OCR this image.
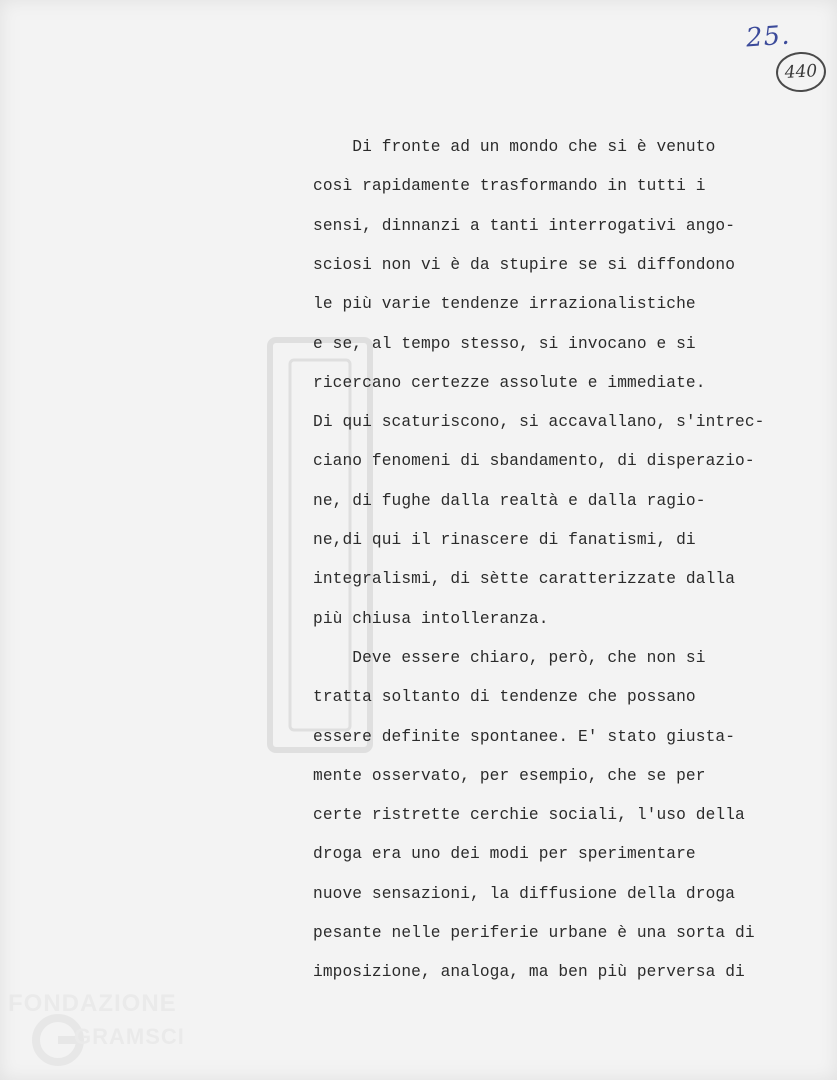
25.
440
Di fronte ad un mondo che si è venuto
così rapidamente trasformando in tutti i
sensi, dinnanzi a tanti interrogativi ango-
sciosi non vi è da stupire se si diffondono
le più varie tendenze irrazionalistiche
e se, al tempo stesso, si invocano e si
ricercano certezze assolute e immediate.
Di qui scaturiscono, si accavallano, s'intrec-
ciano fenomeni di sbandamento, di disperazio-
ne, di fughe dalla realtà e dalla ragio-
ne,di qui il rinascere di fanatismi, di
integralismi, di sètte caratterizzate dalla
più chiusa intolleranza.
Deve essere chiaro, però, che non si
tratta soltanto di tendenze che possano
essere definite spontanee. E' stato giusta-
mente osservato, per esempio, che se per
certe ristrette cerchie sociali, l'uso della
droga era uno dei modi per sperimentare
nuove sensazioni, la diffusione della droga
pesante nelle periferie urbane è una sorta di
imposizione, analoga, ma ben più perversa di
FONDAZIONE
GRAMSCI
